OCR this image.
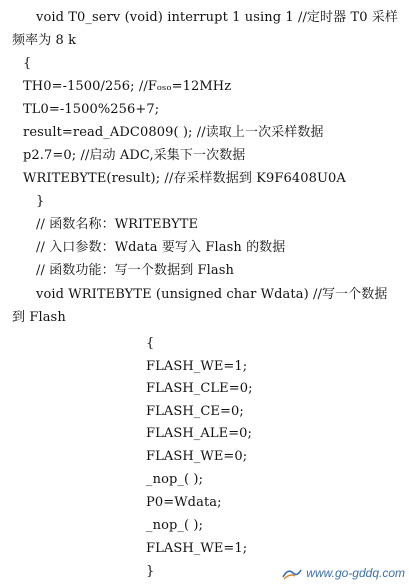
void T0_serv (void) interrupt 1 using 1 //定时器 T0 采样
频率为 8 k
{
TH0=-1500/256; //Fₒₛₒ=12MHz
TL0=-1500%256+7;
result=read_ADC0809( ); //读取上一次采样数据
p2.7=0; //启动 ADC,采集下一次数据
WRITEBYTE(result); //存采样数据到 K9F6408U0A
}
// 函数名称：WRITEBYTE
// 入口参数：Wdata 要写入 Flash 的数据
// 函数功能：写一个数据到 Flash
void WRITEBYTE (unsigned char Wdata) //写一个数据
到 Flash
{
FLASH_WE=1;
FLASH_CLE=0;
FLASH_CE=0;
FLASH_ALE=0;
FLASH_WE=0;
_nop_( );
P0=Wdata;
_nop_( );
FLASH_WE=1;
}	www.go-gddq.com
